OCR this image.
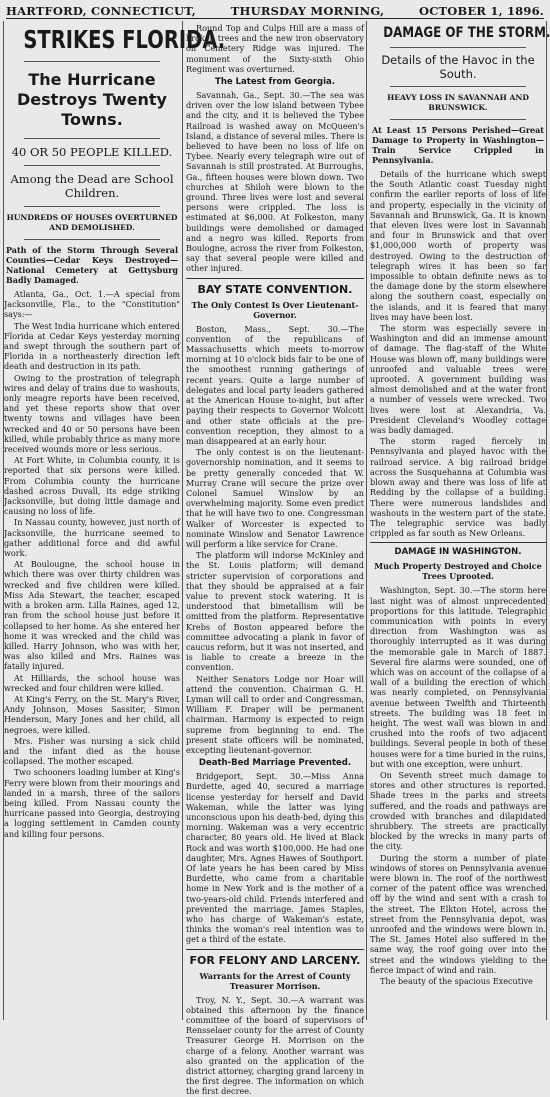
HARTFORD, CONNECTICUT,	THURSDAY MORNING,	OCTOBER 1, 1896.
STRIKES FLORIDA.
The Hurricane Destroys Twenty Towns.
40 OR 50 PEOPLE KILLED.
Among the Dead are School Children.
HUNDREDS OF HOUSES OVERTURNED AND DEMOLISHED.
Path of the Storm Through Several Counties—Cedar Keys Destroyed—National Cemetery at Gettysburg Badly Damaged.

Atlanta, Ga., Oct. 1.—A special from Jacksonville, Fla., to the "Constitution" says:—

The West India hurricane which entered Florida at Cedar Keys yesterday morning and swept through the southern part of Florida in a northeasterly direction left death and destruction in its path.

Owing to the prostration of telegraph wires and delay of trains due to washouts, only meagre reports have been received, and yet these reports show that over twenty towns and villages have been wrecked and 40 or 50 persons have been killed, while probably thrice as many more received wounds more or less serious.

At Fort White, in Columbia county, it is reported that six persons were killed. From Columbia county the hurricane dashed across Duvall, its edge striking Jacksonville, but doing little damage and causing no loss of life.

In Nassau county, however, just north of Jacksonville, the hurricane seemed to gather additional force and did awful work.

At Boulougne, the school house in which there was over thirty children was wrecked and five children were killed. Miss Ada Stewart, the teacher, escaped with a broken arm. Lilla Raines, aged 12, ran from the school house just before it collapsed to her home. As she entered her home it was wrecked and the child was killed. Harry Johnson, who was with her, was also killed and Mrs. Raines was fatally injured.

At Hilliards, the school house was wrecked and four children were killed.

At King's Ferry, on the St. Mary's River, Andy Johnson, Moses Sassiter, Simon Henderson, Mary Jones and her child, all negroes, were killed.

Mrs. Fisher was nursing a sick child and the infant died as the house collapsed. The mother escaped.

Two schooners loading lumber at King's Ferry were blown from their moorings and landed in a marsh, three of the sailors being killed. From Nassau county the hurricane passed into Georgia, destroying a logging settlement in Camden county and killing four persons.

Round Top and Culps Hill are a mass of broken trees and the new iron observatory on Cemetery Ridge was injured. The monument of the Sixty-sixth Ohio Regiment was overturned.

The Latest from Georgia.

Savannah, Ga., Sept. 30.—The sea was driven over the low island between Tybee and the city, and it is believed the Tybee Railroad is washed away on McQueen's Island, a distance of several miles. There is believed to have been no loss of life on Tybee. Nearly every telegraph wire out of Savannah is still prostrated. At Burroughs, Ga., fifteen houses were blown down. Two churches at Shiloh were blown to the ground. Three lives were lost and several persons were crippled. The loss is estimated at $6,000. At Folkeston, many buildings were demolished or damaged and a negro was killed. Reports from Boulogne, across the river from Folkeston, say that several people were killed and other injured.

BAY STATE CONVENTION.
The Only Contest Is Over Lieutenant-Governor.

Boston, Mass., Sept. 30.—The convention of the republicans of Massachusetts which meets to-morrow morning at 10 o'clock bids fair to be one of the smoothest running gatherings of recent years. Quite a large number of delegates and local party leaders gathered at the American House to-night, but after paying their respects to Governor Wolcott and other state officials at the pre-convention reception, they almost to a man disappeared at an early hour.

The only contest is on the lieutenant-governorship nomination, and it seems to be pretty generally conceded that W. Murray Crane will secure the prize over Colonel Samuel Winslow by an overwhelming majority. Some even predict that he will have two to one. Congressman Walker of Worcester is expected to nominate Winslow and Senator Lawrence will perform a like service for Crane.

The platform will indorse McKinley and the St. Louis platform; will demand stricter supervision of corporations and that they should be appraised at a fair value to prevent stock watering. It is understood that bimetallism will be omitted from the platform. Representative Krebs of Boston appeared before the committee advocating a plank in favor of caucus reform, but it was not inserted, and is liable to create a breeze in the convention.

Neither Senators Lodge nor Hoar will attend the convention. Chairman G. H. Lyman will call to order and Congressman, William F. Draper will be permanent chairman. Harmony is expected to reign supreme from beginning to end. The present state officers will be nominated, excepting lieutenant-governor.

Death-Bed Marriage Prevented.

Bridgeport, Sept. 30.—Miss Anna Burdette, aged 40, secured a marriage license yesterday for herself and David Wakeman, while the latter was lying unconscious upon his death-bed, dying this morning. Wakeman was a very eccentric character, 80 years old. He lived at Black Rock and was worth $100,000. He had one daughter, Mrs. Agnes Hawes of Southport. Of late years he has been cared by Miss Burdette, who came from a charitable home in New York and is the mother of a two-years-old child. Friends interfered and prevented the marriage. James Staples, who has charge of Wakeman's estate, thinks the woman's real intention was to get a third of the estate.

FOR FELONY AND LARCENY.
Warrants for the Arrest of County Treasurer Morrison.

Troy, N. Y., Sept. 30.—A warrant was obtained this afternoon by the finance committee of the board of supervisors of Rensselaer county for the arrest of County Treasurer George H. Morrison on the charge of a felony. Another warrant was also granted on the application of the district attorney, charging grand larceny in the first degree. The information on which the first decree.

DAMAGE OF THE STORM.
Details of the Havoc in the South.
HEAVY LOSS IN SAVANNAH AND BRUNSWICK.
At Least 15 Persons Perished—Great Damage to Property in Washington—Train Service Crippled in Pennsylvania.

Details of the hurricane which swept the South Atlantic coast Tuesday night confirm the earlier reports of loss of life and property, especially in the vicinity of Savannah and Brunswick, Ga. It is known that eleven lives were lost in Savannah and four in Brunswick and that over $1,000,000 worth of property was destroyed. Owing to the destruction of telegraph wires it has been so far impossible to obtain definite news as to the damage done by the storm elsewhere along the southern coast, especially on the islands, and it is feared that many lives may have been lost.

The storm was especially severe in Washington and did an immense amount of damage. The flag-staff of the White House was blown off, many buildings were unroofed and valuable trees were uprooted. A government building was almost demolished and at the water front a number of vessels were wrecked. Two lives were lost at Alexandria, Va. President Cleveland's Woodley cottage was badly damaged.

The storm raged fiercely in Pennsylvania and played havoc with the railroad service. A big railroad bridge across the Susquehanna at Columbia was blown away and there was loss of life at Redding by the collapse of a building. There were numerous landslides and washouts in the western part of the state. The telegraphic service was badly crippled as far south as New Orleans.

DAMAGE IN WASHINGTON.
Much Property Destroyed and Choice Trees Uprooted.

Washington, Sept. 30.—The storm here last night was of almost unprecedented proportions for this latitude. Telegraphic communication with points in every direction from Washington was as thoroughly interrupted as it was during the memorable gale in March of 1887. Several fire alarms were sounded, one of which was on account of the collapse of a wall of a building the erection of which was nearly completed, on Pennsylvania avenue between Twelfth and Thirteenth streets. The building was 18 feet in height. The west wall was blown in and crushed into the roofs of two adjacent buildings. Several people in both of these houses were for a time buried in the ruins, but with one exception, were unhurt.

On Seventh street much damage to stores and other structures is reported. Shade trees in the parks and streets suffered, and the roads and pathways are crowded with branches and dilapidated shrubbery. The streets are practically blocked by the wrecks in many parts of the city.

During the storm a number of plate windows of stores on Pennsylvania avenue were blown in. The roof of the northwest corner of the patent office was wrenched off by the wind and sent with a crash to the street. The Elkton Hotel, across the street from the Pennsylvania depot, was unroofed and the windows were blown in. The St. James Hotel also suffered in the same way, the roof going over into the street and the windows yielding to the fierce impact of wind and rain.

The beauty of the spacious Executive
